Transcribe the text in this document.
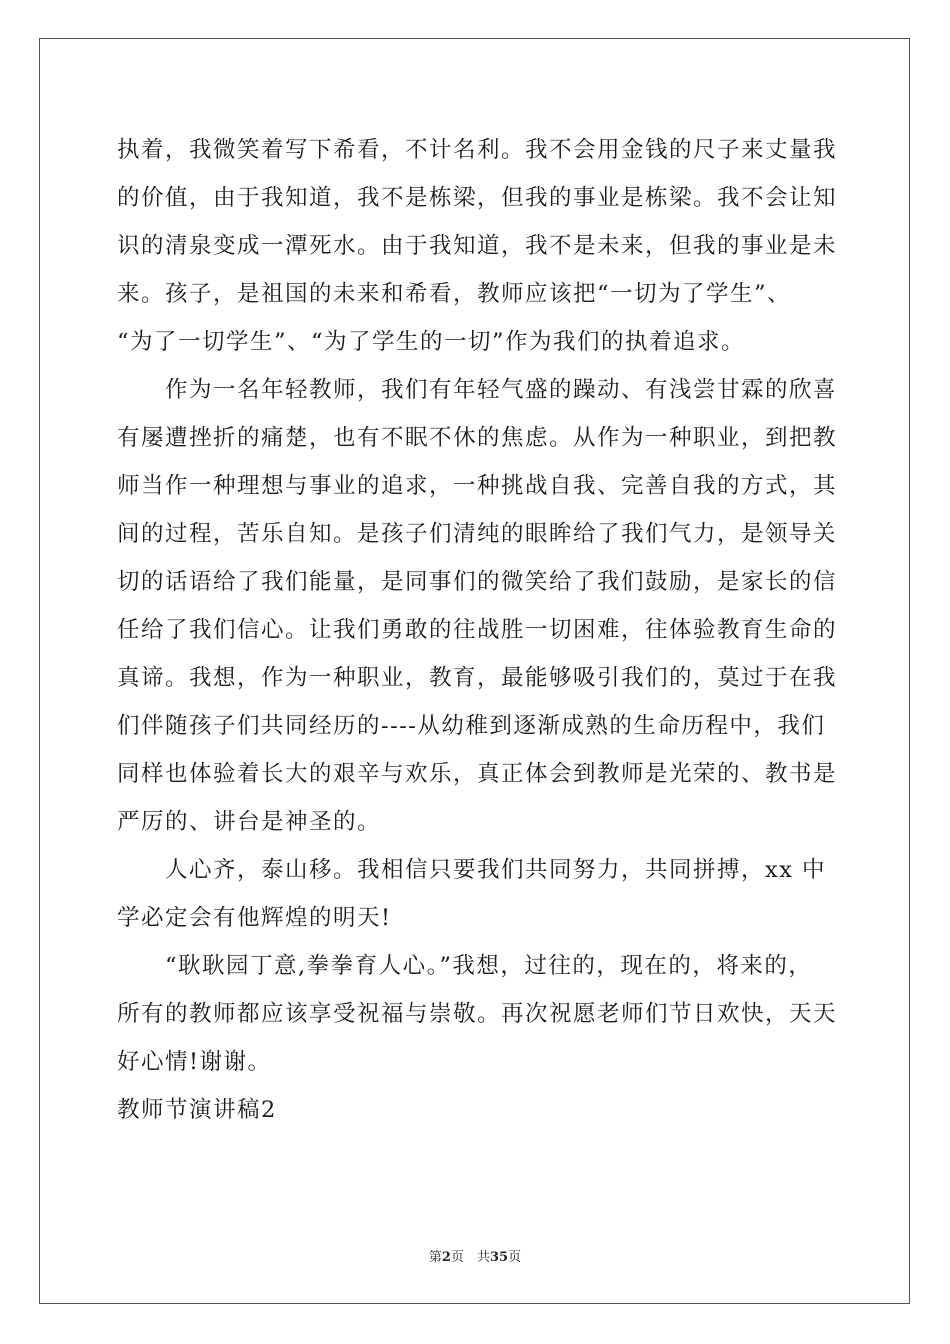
执着，我微笑着写下希看，不计名利。我不会用金钱的尺子来丈量我
的价值，由于我知道，我不是栋梁，但我的事业是栋梁。我不会让知
识的清泉变成一潭死水。由于我知道，我不是未来，但我的事业是未
来。孩子，是祖国的未来和希看，教师应该把“一切为了学生”、
“为了一切学生”、“为了学生的一切”作为我们的执着追求。
　　作为一名年轻教师，我们有年轻气盛的躁动、有浅尝甘霖的欣喜
有屡遭挫折的痛楚，也有不眠不休的焦虑。从作为一种职业，到把教
师当作一种理想与事业的追求，一种挑战自我、完善自我的方式，其
间的过程，苦乐自知。是孩子们清纯的眼眸给了我们气力，是领导关
切的话语给了我们能量，是同事们的微笑给了我们鼓励，是家长的信
任给了我们信心。让我们勇敢的往战胜一切困难，往体验教育生命的
真谛。我想，作为一种职业，教育，最能够吸引我们的，莫过于在我
们伴随孩子们共同经历的----从幼稚到逐渐成熟的生命历程中，我们
同样也体验着长大的艰辛与欢乐，真正体会到教师是光荣的、教书是
严厉的、讲台是神圣的。
　　人心齐，泰山移。我相信只要我们共同努力，共同拼搏，xx 中
学必定会有他辉煌的明天!
　　“耿耿园丁意,拳拳育人心。”我想，过往的，现在的，将来的，
所有的教师都应该享受祝福与崇敬。再次祝愿老师们节日欢快，天天
好心情!谢谢。
教师节演讲稿2
第2页　共35页
